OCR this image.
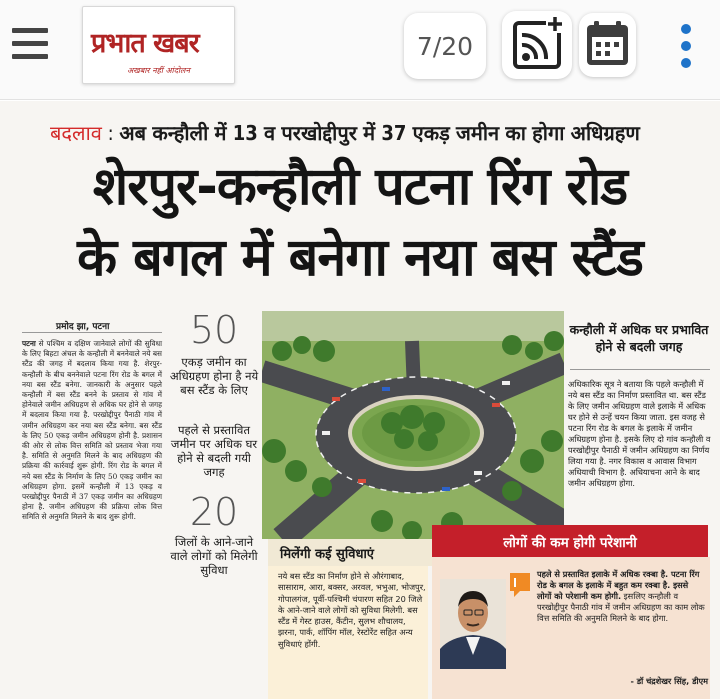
प्रभात खबर
अखबार नहीं आंदोलन
7/20
बदलाव : अब कन्हौली में 13 व परखोद्दीपुर में 37 एकड़ जमीन का होगा अधिग्रहण
शेरपुर-कन्हौली पटना रिंग रोड
के बगल में बनेगा नया बस स्टैंड
प्रमोद झा, पटना
पटना से पश्चिम व दक्षिण जानेवाले लोगों की सुविधा के लिए बिहटा अंचल के कन्हौली में बननेवाले नये बस स्टैंड की जगह में बदलाव किया गया है. शेरपुर-कन्हौली के बीच बननेवाले पटना रिंग रोड के बगल में नया बस स्टैंड बनेगा. जानकारी के अनुसार पहले कन्हौली में बस स्टैंड बनने के प्रस्ताव से गांव में होनेवाले जमीन अधिग्रहण से अधिक घर होने से जगह में बदलाव किया गया है. परखोद्दीपुर पैनाठी गांव में जमीन अधिग्रहण कर नया बस स्टैंड बनेगा. बस स्टैंड के लिए 50 एकड़ जमीन अधिग्रहण होनी है. प्रशासन की ओर से लोक वित्त समिति को प्रस्ताव भेजा गया है. समिति से अनुमति मिलने के बाद अधिग्रहण की प्रक्रिया की कार्रवाई शुरू होगी. रिंग रोड के बगल में नये बस स्टैंड के निर्माण के लिए 50 एकड़ जमीन का अधिग्रहण होगा. इसमें कन्हौली में 13 एकड़ व परखोद्दीपुर पैनाठी में 37 एकड़ जमीन का अधिग्रहण होना है. जमीन अधिग्रहण की प्रक्रिया लोक वित्त समिति से अनुमति मिलने के बाद शुरू होगी.
50
एकड़ जमीन का अधिग्रहण होना है नये बस स्टैंड के लिए
पहले से प्रस्तावित जमीन पर अधिक घर होने से बदली गयी जगह
20
जिलों के आने-जाने वाले लोगों को मिलेगी सुविधा
कन्हौली में अधिक घर प्रभावित होने से बदली जगह
अधिकारिक सूत्र ने बताया कि पहले कन्हौली में नये बस स्टैंड का निर्माण प्रस्तावित था. बस स्टैंड के लिए जमीन अधिग्रहण वाले इलाके में अधिक घर होने से उन्हें चयन किया जाता. इस वजह से पटना रिंग रोड के बगल के इलाके में जमीन अधिग्रहण होना है. इसके लिए दो गांव कन्हौली व परखोद्दीपुर पैनाठी में जमीन अधिग्रहण का निर्णय लिया गया है. नगर विकास व आवास विभाग अधियाची विभाग है. अधियाचना आने के बाद जमीन अधिग्रहण होगा.
मिलेंगी कई सुविधाएं
नये बस स्टैंड का निर्माण होने से औरंगाबाद, सासाराम, आरा, बक्सर, अरवल, भभुआ, भोजपुर, गोपालगंज, पूर्वी-पश्चिमी चंपारण सहित 20 जिले के आने-जाने वाले लोगों को सुविधा मिलेगी. बस स्टैंड में गेस्ट हाउस, कैंटीन, सुलभ शौचालय, झरना, पार्क, शॉपिंग मॉल, रेस्टोरेंट सहित अन्य सुविधाएं होंगी.
लोगों की कम होगी परेशानी
पहले से प्रस्तावित इलाके में अधिक रक्बा है. पटना रिंग रोड के बगल के इलाके में बहुत कम रक्बा है. इससे लोगों को परेशानी कम होगी. इसलिए कन्हौली व परखोद्दीपुर पैनाठी गांव में जमीन अधिग्रहण का काम लोक वित्त समिति की अनुमति मिलने के बाद होगा.
- डॉ चंद्रशेखर सिंह, डीएम
